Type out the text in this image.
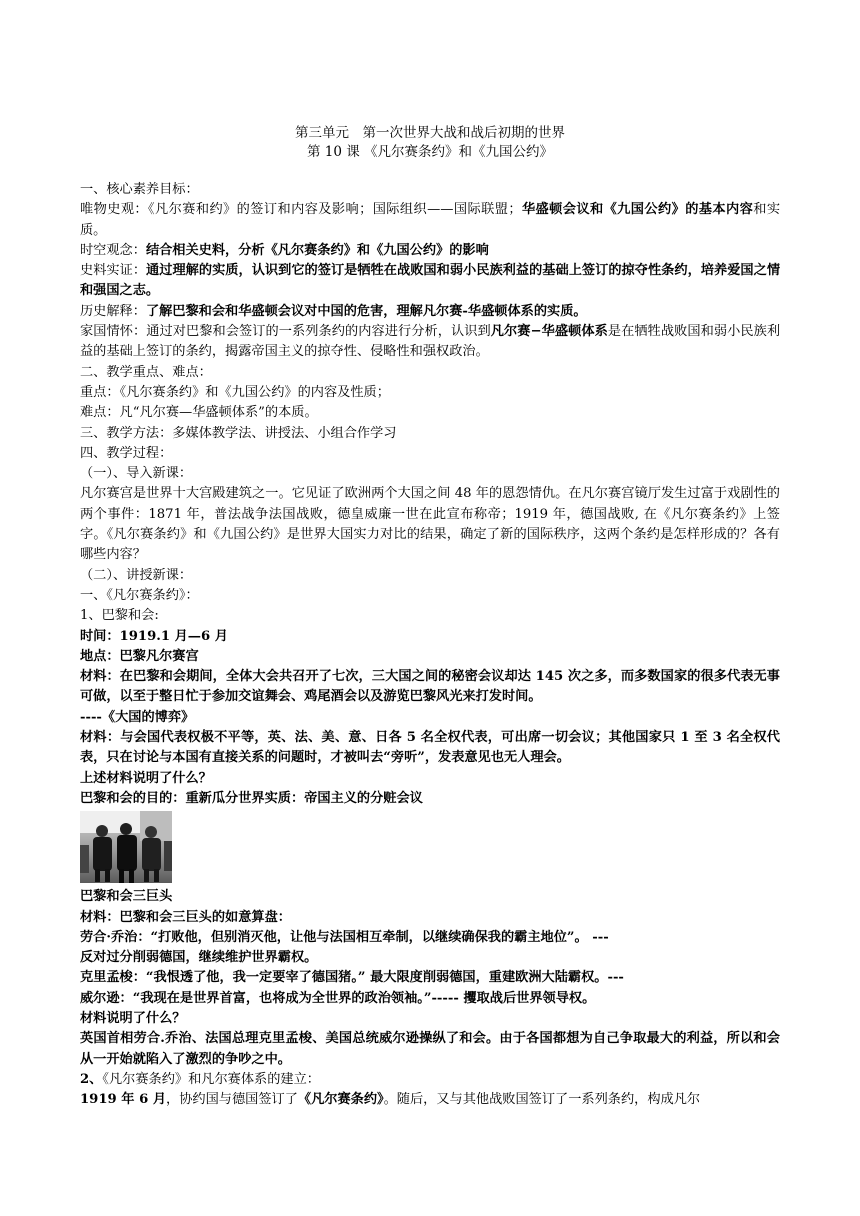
第三单元　第一次世界大战和战后初期的世界
第 10 课 《凡尔赛条约》和《九国公约》

一、核心素养目标：

唯物史观：《凡尔赛和约》的签订和内容及影响；国际组织——国际联盟；华盛顿会议和《九国公约》的基本内容和实质。

时空观念：结合相关史料，分析《凡尔赛条约》和《九国公约》的影响

史料实证：通过理解的实质，认识到它的签订是牺牲在战败国和弱小民族利益的基础上签订的掠夺性条约，培养爱国之情和强国之志。

历史解释：了解巴黎和会和华盛顿会议对中国的危害，理解凡尔赛-华盛顿体系的实质。

家国情怀：通过对巴黎和会签订的一系列条约的内容进行分析，认识到凡尔赛−华盛顿体系是在牺牲战败国和弱小民族利益的基础上签订的条约，揭露帝国主义的掠夺性、侵略性和强权政治。

二、教学重点、难点：

重点：《凡尔赛条约》和《九国公约》的内容及性质；

难点：凡“凡尔赛—华盛顿体系”的本质。

三、教学方法：多媒体教学法、讲授法、小组合作学习

四、教学过程：

（一）、导入新课：

凡尔赛宫是世界十大宫殿建筑之一。它见证了欧洲两个大国之间 48 年的恩怨情仇。在凡尔赛宫镜厅发生过富于戏剧性的两个事件：1871 年，普法战争法国战败，德皇威廉一世在此宣布称帝；1919 年，德国战败, 在《凡尔赛条约》上签字。《凡尔赛条约》和《九国公约》是世界大国实力对比的结果，确定了新的国际秩序，这两个条约是怎样形成的？各有哪些内容？

（二）、讲授新课：

一、《凡尔赛条约》：

1、巴黎和会:

时间：1919.1 月—6 月

地点：巴黎凡尔赛宫

材料：在巴黎和会期间，全体大会共召开了七次，三大国之间的秘密会议却达 145 次之多，而多数国家的很多代表无事可做，以至于整日忙于参加交谊舞会、鸡尾酒会以及游览巴黎风光来打发时间。

----《大国的博弈》

材料：与会国代表权极不平等，英、法、美、意、日各 5 名全权代表，可出席一切会议；其他国家只 1 至 3 名全权代表，只在讨论与本国有直接关系的问题时，才被叫去“旁听”，发表意见也无人理会。

上述材料说明了什么？

巴黎和会的目的：重新瓜分世界实质：帝国主义的分赃会议

巴黎和会三巨头

材料：巴黎和会三巨头的如意算盘：

劳合·乔治：“打败他，但别消灭他，让他与法国相互牵制，以继续确保我的霸主地位”。 ---

反对过分削弱德国，继续维护世界霸权。

克里孟梭：“我恨透了他，我一定要宰了德国猪。” 最大限度削弱德国，重建欧洲大陆霸权。---

威尔逊：“我现在是世界首富，也将成为全世界的政治领袖。”----- 攫取战后世界领导权。

材料说明了什么？

英国首相劳合.乔治、法国总理克里孟梭、美国总统威尔逊操纵了和会。由于各国都想为自己争取最大的利益，所以和会从一开始就陷入了激烈的争吵之中。

2、《凡尔赛条约》和凡尔赛体系的建立：

1919 年 6 月，协约国与德国签订了《凡尔赛条约》。随后，又与其他战败国签订了一系列条约，构成凡尔
